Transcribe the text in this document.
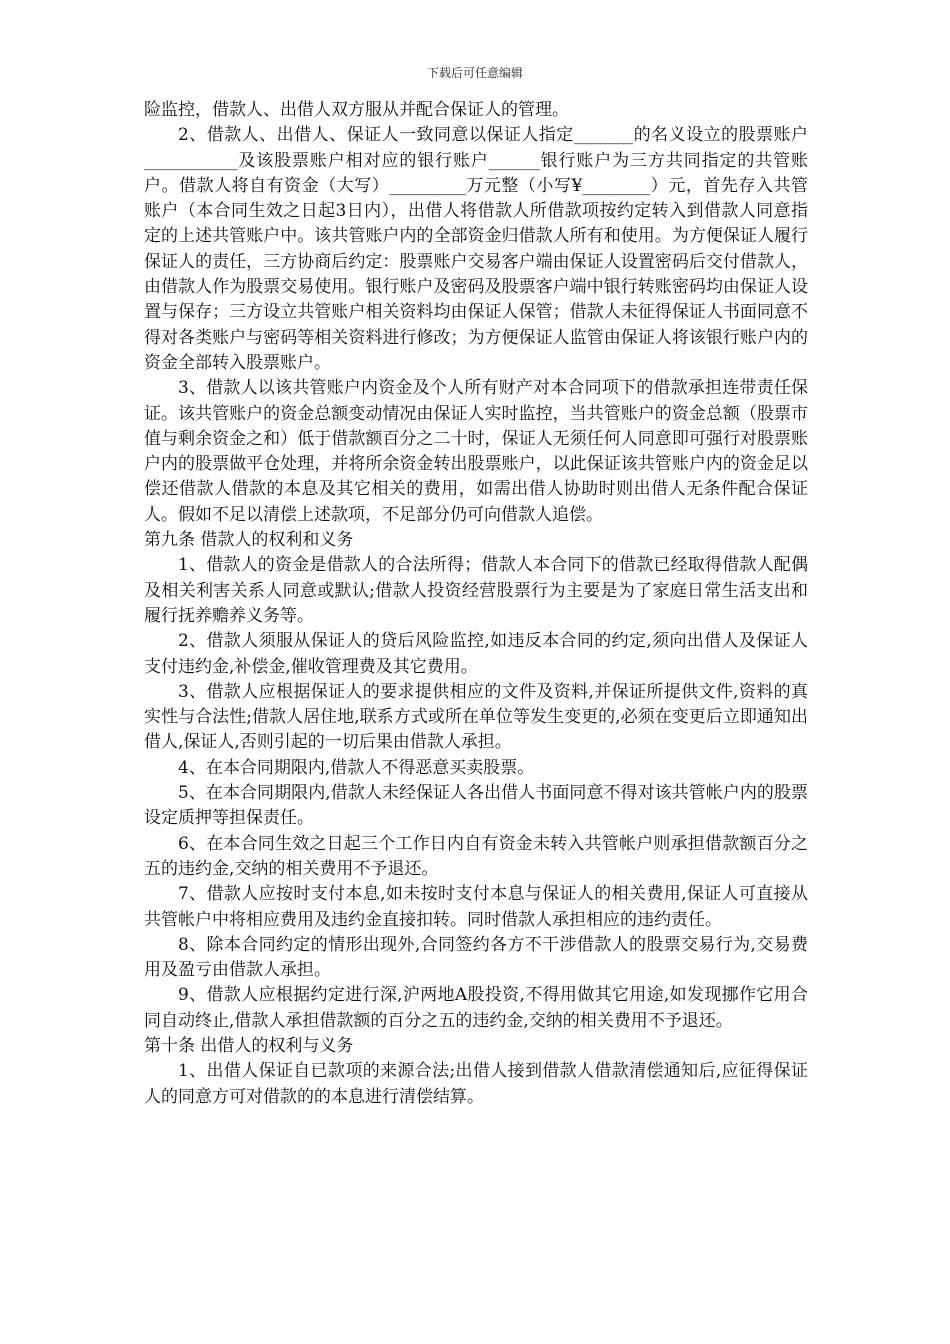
下载后可任意编辑

险监控，借款人、出借人双方服从并配合保证人的管理。

2、借款人、出借人、保证人一致同意以保证人指定_______的名义设立的股票账户___________及该股票账户相对应的银行账户______银行账户为三方共同指定的共管账户。借款人将自有资金（大写）_________万元整（小写¥________）元，首先存入共管账户（本合同生效之日起3日内），出借人将借款人所借款项按约定转入到借款人同意指定的上述共管账户中。该共管账户内的全部资金归借款人所有和使用。为方便保证人履行保证人的责任，三方协商后约定：股票账户交易客户端由保证人设置密码后交付借款人，由借款人作为股票交易使用。银行账户及密码及股票客户端中银行转账密码均由保证人设置与保存；三方设立共管账户相关资料均由保证人保管；借款人未征得保证人书面同意不得对各类账户与密码等相关资料进行修改；为方便保证人监管由保证人将该银行账户内的资金全部转入股票账户。

3、借款人以该共管账户内资金及个人所有财产对本合同项下的借款承担连带责任保证。该共管账户的资金总额变动情况由保证人实时监控，当共管账户的资金总额（股票市值与剩余资金之和）低于借款额百分之二十时，保证人无须任何人同意即可强行对股票账户内的股票做平仓处理，并将所余资金转出股票账户，以此保证该共管账户内的资金足以偿还借款人借款的本息及其它相关的费用，如需出借人协助时则出借人无条件配合保证人。假如不足以清偿上述款项，不足部分仍可向借款人追偿。

第九条 借款人的权利和义务

1、借款人的资金是借款人的合法所得；借款人本合同下的借款已经取得借款人配偶及相关利害关系人同意或默认;借款人投资经营股票行为主要是为了家庭日常生活支出和履行抚养赡养义务等。

2、借款人须服从保证人的贷后风险监控,如违反本合同的约定,须向出借人及保证人支付违约金,补偿金,催收管理费及其它费用。

3、借款人应根据保证人的要求提供相应的文件及资料,并保证所提供文件,资料的真实性与合法性;借款人居住地,联系方式或所在单位等发生变更的,必须在变更后立即通知出借人,保证人,否则引起的一切后果由借款人承担。

4、在本合同期限内,借款人不得恶意买卖股票。

5、在本合同期限内,借款人未经保证人各出借人书面同意不得对该共管帐户内的股票设定质押等担保责任。

6、在本合同生效之日起三个工作日内自有资金未转入共管帐户则承担借款额百分之五的违约金,交纳的相关费用不予退还。

7、借款人应按时支付本息,如未按时支付本息与保证人的相关费用,保证人可直接从共管帐户中将相应费用及违约金直接扣转。同时借款人承担相应的违约责任。

8、除本合同约定的情形出现外,合同签约各方不干涉借款人的股票交易行为,交易费用及盈亏由借款人承担。

9、借款人应根据约定进行深,沪两地A股投资,不得用做其它用途,如发现挪作它用合同自动终止,借款人承担借款额的百分之五的违约金,交纳的相关费用不予退还。

第十条 出借人的权利与义务

1、出借人保证自已款项的来源合法;出借人接到借款人借款清偿通知后,应征得保证人的同意方可对借款的的本息进行清偿结算。
